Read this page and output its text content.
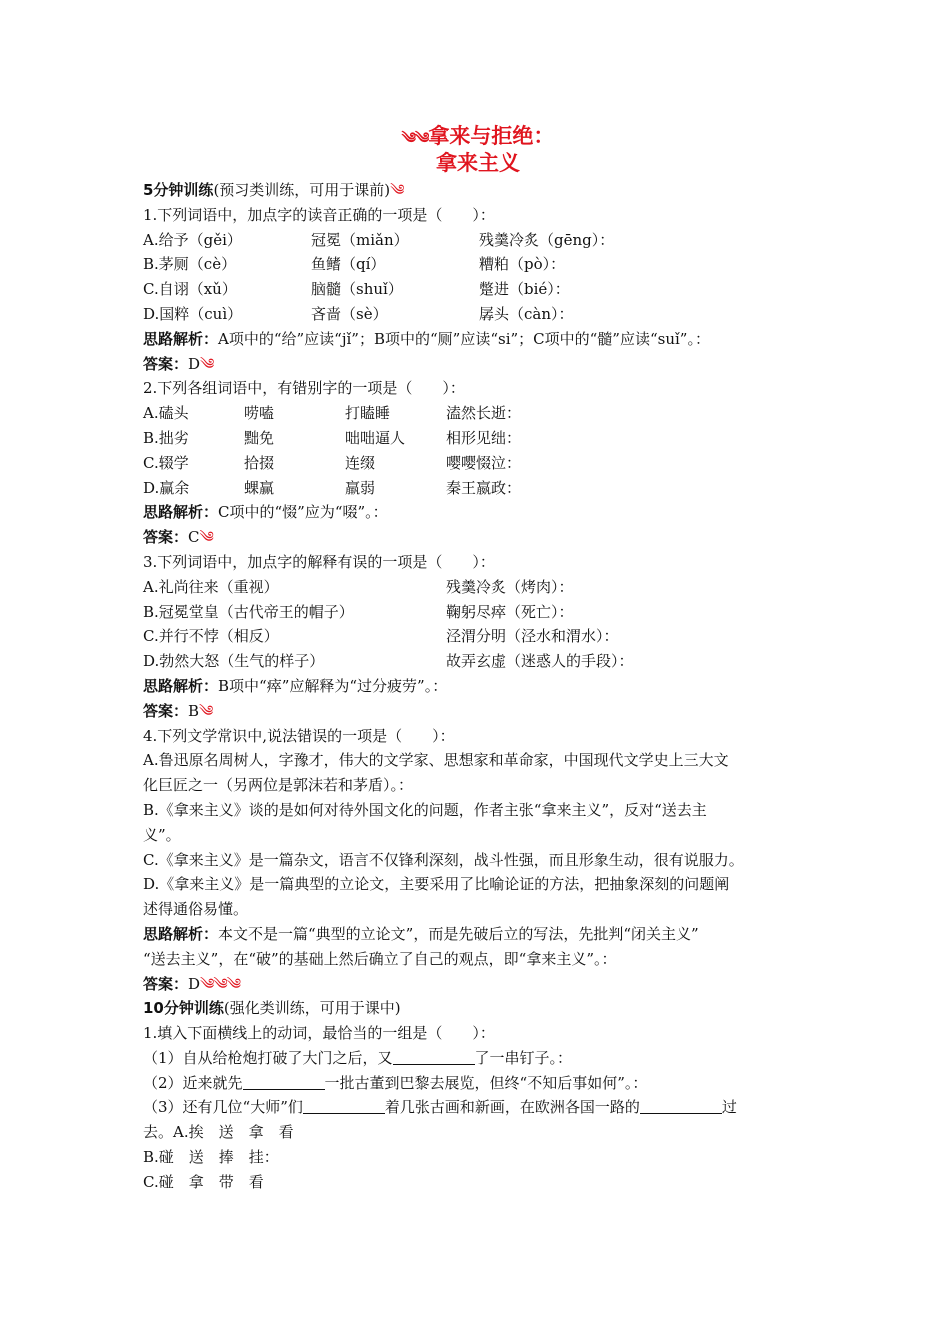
༄༄拿来与拒绝：
拿来主义
5分钟训练(预习类训练，可用于课前)༄
1.下列词语中，加点字的读音正确的一项是（　　）：
A.给予（gěi）	冠冕（miǎn）	残羹冷炙（gēng）：
B.茅厕（cè）	鱼鳍（qí）	糟粕（pò）：
C.自诩（xǔ）	脑髓（shuǐ）	蹩进（bié）：
D.国粹（cuì）	吝啬（sè）	孱头（càn）：
思路解析：A项中的“给”应读“jǐ”；B项中的“厕”应读“si”；C项中的“髓”应读“suǐ”。：
答案：D༄
2.下列各组词语中，有错别字的一项是（　　）：
A.磕头	唠嗑	打瞌睡	溘然长逝：
B.拙劣	黜免	咄咄逼人	相形见绌：
C.辍学	拾掇	连缀	嘤嘤惙泣：
D.赢余	蜾赢	羸弱	秦王嬴政：
思路解析：C项中的“惙”应为“啜”。：
答案：C༄
3.下列词语中，加点字的解释有误的一项是（　　）：
A.礼尚往来（重视）	残羹冷炙（烤肉）：
B.冠冕堂皇（古代帝王的帽子）	鞠躬尽瘁（死亡）：
C.并行不悖（相反）	泾渭分明（泾水和渭水）：
D.勃然大怒（生气的样子）	故弄玄虚（迷惑人的手段）：
思路解析：B项中“瘁”应解释为“过分疲劳”。：
答案：B༄
4.下列文学常识中,说法错误的一项是（　　）：
A.鲁迅原名周树人，字豫才，伟大的文学家、思想家和革命家，中国现代文学史上三大文
化巨匠之一（另两位是郭沫若和茅盾）。：
B.《拿来主义》谈的是如何对待外国文化的问题，作者主张“拿来主义”，反对“送去主
义”。
C.《拿来主义》是一篇杂文，语言不仅锋利深刻，战斗性强，而且形象生动，很有说服力。
D.《拿来主义》是一篇典型的立论文，主要采用了比喻论证的方法，把抽象深刻的问题阐
述得通俗易懂。
思路解析：本文不是一篇“典型的立论文”，而是先破后立的写法，先批判“闭关主义”
“送去主义”，在“破”的基础上然后确立了自己的观点，即“拿来主义”。：
答案：D༄༄༄
10分钟训练(强化类训练，可用于课中)
1.填入下面横线上的动词，最恰当的一组是（　　）：
（1）自从给枪炮打破了大门之后，又	了一串钉子。：
（2）近来就先	一批古董到巴黎去展览，但终“不知后事如何”。：
（3）还有几位“大师”们	着几张古画和新画，在欧洲各国一路的	过
去。A.挨　送　拿　看
B.碰　送　捧　挂：
C.碰　拿　带　看
